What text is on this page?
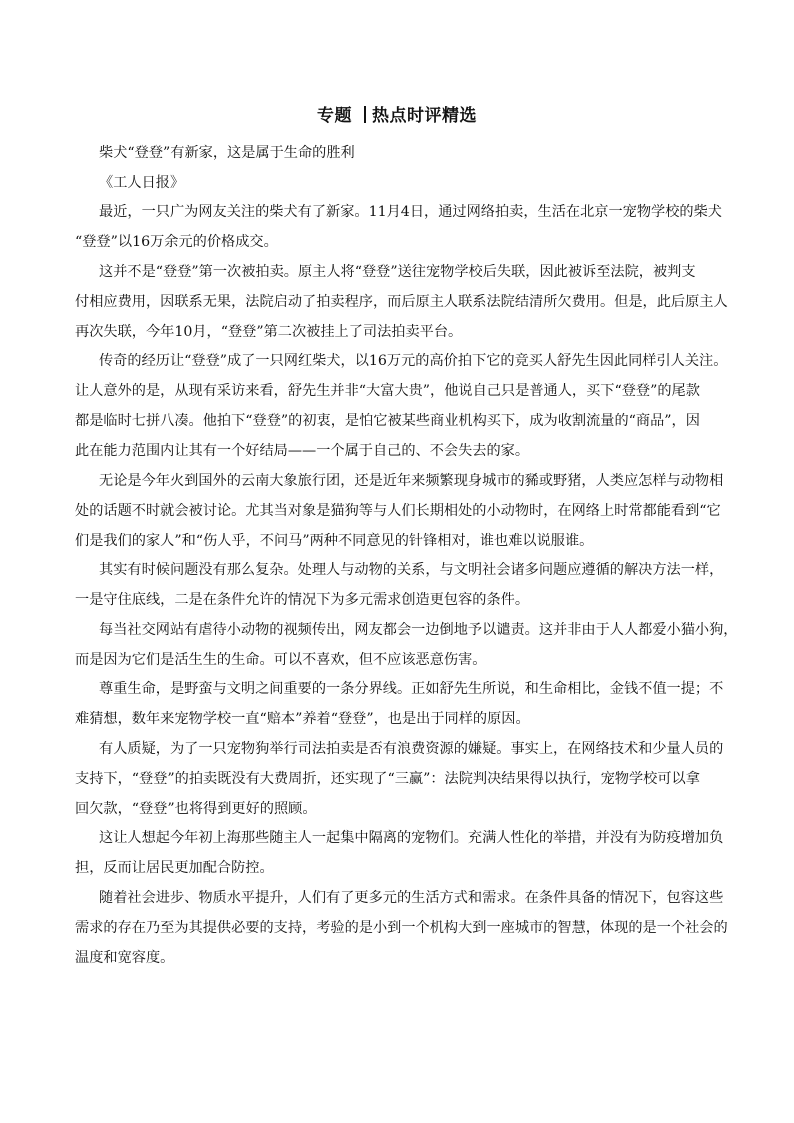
专题 热点时评精选
柴犬“登登”有新家，这是属于生命的胜利
《工人日报》
最近，一只广为网友关注的柴犬有了新家。11月4日，通过网络拍卖，生活在北京一宠物学校的柴犬
“登登”以16万余元的价格成交。
这并不是“登登”第一次被拍卖。原主人将“登登”送往宠物学校后失联，因此被诉至法院，被判支
付相应费用，因联系无果，法院启动了拍卖程序，而后原主人联系法院结清所欠费用。但是，此后原主人
再次失联，今年10月，“登登”第二次被挂上了司法拍卖平台。
传奇的经历让“登登”成了一只网红柴犬，以16万元的高价拍下它的竞买人舒先生因此同样引人关注。
让人意外的是，从现有采访来看，舒先生并非“大富大贵”，他说自己只是普通人，买下“登登”的尾款
都是临时七拼八凑。他拍下“登登”的初衷，是怕它被某些商业机构买下，成为收割流量的“商品”，因
此在能力范围内让其有一个好结局——一个属于自己的、不会失去的家。
无论是今年火到国外的云南大象旅行团，还是近年来频繁现身城市的豨或野猪，人类应怎样与动物相
处的话题不时就会被讨论。尤其当对象是猫狗等与人们长期相处的小动物时，在网络上时常都能看到“它
们是我们的家人”和“伤人乎，不问马”两种不同意见的针锋相对，谁也难以说服谁。
其实有时候问题没有那么复杂。处理人与动物的关系，与文明社会诸多问题应遵循的解决方法一样，
一是守住底线，二是在条件允许的情况下为多元需求创造更包容的条件。
每当社交网站有虐待小动物的视频传出，网友都会一边倒地予以谴责。这并非由于人人都爱小猫小狗，
而是因为它们是活生生的生命。可以不喜欢，但不应该恶意伤害。
尊重生命，是野蛮与文明之间重要的一条分界线。正如舒先生所说，和生命相比，金钱不值一提；不
难猜想，数年来宠物学校一直“赔本”养着“登登”，也是出于同样的原因。
有人质疑，为了一只宠物狗举行司法拍卖是否有浪费资源的嫌疑。事实上，在网络技术和少量人员的
支持下，“登登”的拍卖既没有大费周折，还实现了“三赢”：法院判决结果得以执行，宠物学校可以拿
回欠款，“登登”也将得到更好的照顾。
这让人想起今年初上海那些随主人一起集中隔离的宠物们。充满人性化的举措，并没有为防疫增加负
担，反而让居民更加配合防控。
随着社会进步、物质水平提升，人们有了更多元的生活方式和需求。在条件具备的情况下，包容这些
需求的存在乃至为其提供必要的支持，考验的是小到一个机构大到一座城市的智慧，体现的是一个社会的
温度和宽容度。
